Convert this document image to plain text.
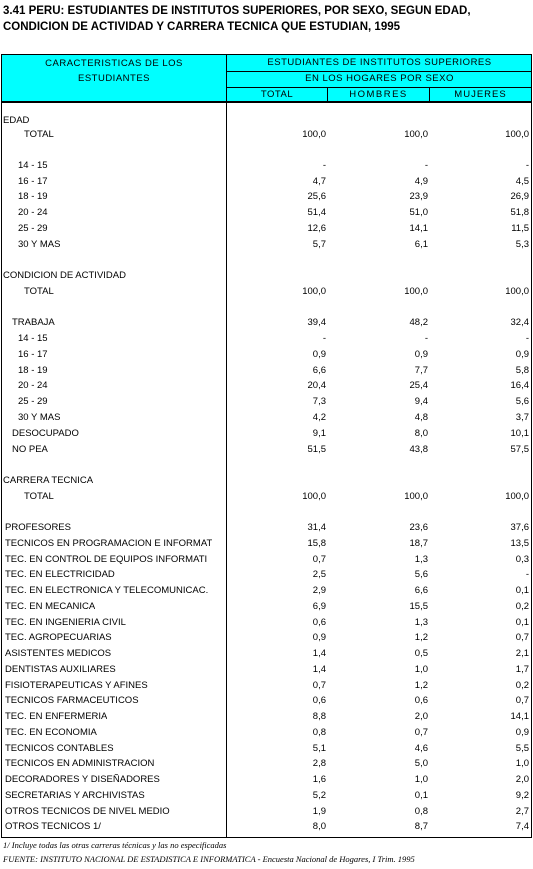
3.41 PERU: ESTUDIANTES DE INSTITUTOS SUPERIORES, POR SEXO, SEGUN EDAD,
CONDICION DE ACTIVIDAD Y CARRERA TECNICA QUE ESTUDIAN, 1995
CARACTERISTICAS DE LOS
ESTUDIANTES
ESTUDIANTES DE INSTITUTOS SUPERIORES
EN LOS HOGARES POR SEXO
TOTAL	HOMBRES	MUJERES
EDAD
TOTAL	100,0	100,0	100,0
14 - 15	-	-	-
16 - 17	4,7	4,9	4,5
18 - 19	25,6	23,9	26,9
20 - 24	51,4	51,0	51,8
25 - 29	12,6	14,1	11,5
30 Y MAS	5,7	6,1	5,3
CONDICION DE ACTIVIDAD
TOTAL	100,0	100,0	100,0
TRABAJA	39,4	48,2	32,4
14 - 15	-	-	-
16 - 17	0,9	0,9	0,9
18 - 19	6,6	7,7	5,8
20 - 24	20,4	25,4	16,4
25 - 29	7,3	9,4	5,6
30 Y MAS	4,2	4,8	3,7
DESOCUPADO	9,1	8,0	10,1
NO PEA	51,5	43,8	57,5
CARRERA TECNICA
TOTAL	100,0	100,0	100,0
PROFESORES	31,4	23,6	37,6
TECNICOS EN PROGRAMACION E INFORMAT	15,8	18,7	13,5
TEC. EN CONTROL DE EQUIPOS INFORMATI	0,7	1,3	0,3
TEC. EN ELECTRICIDAD	2,5	5,6	-
TEC. EN ELECTRONICA Y TELECOMUNICAC.	2,9	6,6	0,1
TEC. EN MECANICA	6,9	15,5	0,2
TEC. EN INGENIERIA CIVIL	0,6	1,3	0,1
TEC. AGROPECUARIAS	0,9	1,2	0,7
ASISTENTES MEDICOS	1,4	0,5	2,1
DENTISTAS AUXILIARES	1,4	1,0	1,7
FISIOTERAPEUTICAS Y AFINES	0,7	1,2	0,2
TECNICOS FARMACEUTICOS	0,6	0,6	0,7
TEC. EN ENFERMERIA	8,8	2,0	14,1
TEC. EN ECONOMIA	0,8	0,7	0,9
TECNICOS CONTABLES	5,1	4,6	5,5
TECNICOS EN ADMINISTRACION	2,8	5,0	1,0
DECORADORES Y DISEÑADORES	1,6	1,0	2,0
SECRETARIAS Y ARCHIVISTAS	5,2	0,1	9,2
OTROS TECNICOS DE NIVEL MEDIO	1,9	0,8	2,7
OTROS TECNICOS 1/	8,0	8,7	7,4
1/ Incluye todas las otras carreras técnicas y las no especificadas
FUENTE: INSTITUTO NACIONAL DE ESTADISTICA E INFORMATICA - Encuesta Nacional de Hogares, I Trim. 1995
